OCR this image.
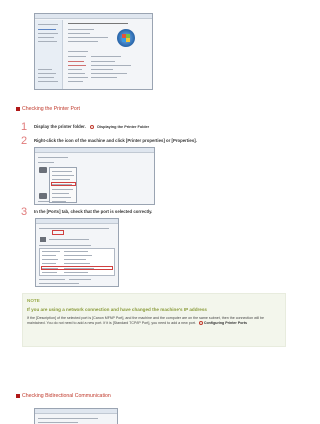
Checking the Printer Port
1 Display the printer folder.	Displaying the Printer Folder
2 Right-click the icon of the machine and click [Printer properties] or [Properties].
3 In the [Ports] tab, check that the port is selected correctly.
NOTE
If you are using a network connection and have changed the machine's IP address
If the [Description] of the selected port is [Canon MFNP Port], and the machine and the computer are on the same subnet, then the connection will be maintained. You do not need to add a new port. If it is [Standard TCP/IP Port], you need to add a new port. Configuring Printer Ports
Checking Bidirectional Communication
